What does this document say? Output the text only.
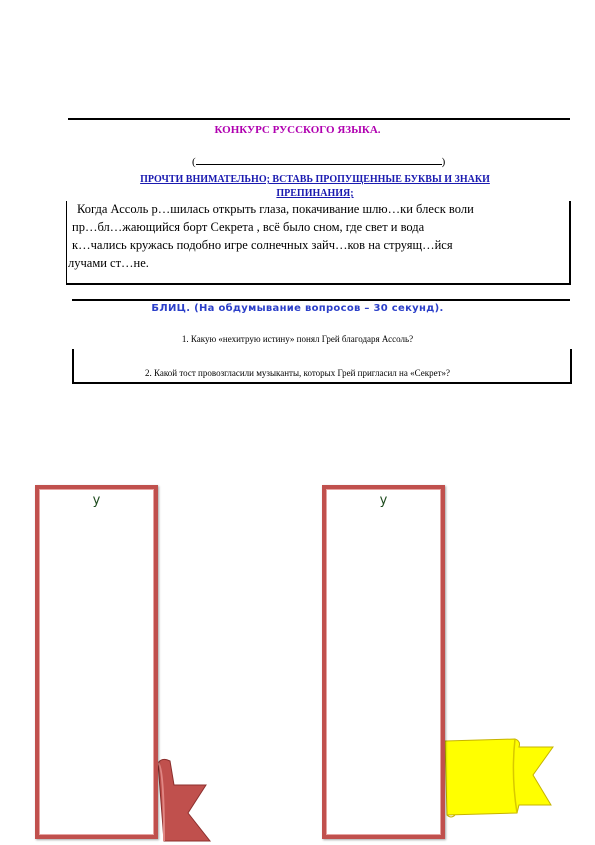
КОНКУРС РУССКОГО ЯЗЫКА.
(	)
ПРОЧТИ ВНИМАТЕЛЬНО; ВСТАВЬ ПРОПУЩЕННЫЕ БУКВЫ И ЗНАКИ
ПРЕПИНАНИЯ;
Когда Ассоль р…шилась открыть глаза, покачивание шлю…ки блеск воли
пр…бл…жающийся борт Секрета , всё было сном, где свет и вода
к…чались кружась подобно игре солнечных зайч…ков на струящ…йся
лучами ст…не.
БЛИЦ. (На обдумывание вопросов – 30 секунд).
1. Какую «нехитрую истину» понял Грей благодаря Ассоль?
2. Какой тост провозгласили музыканты, которых Грей пригласил на «Секрет»?
у	у
